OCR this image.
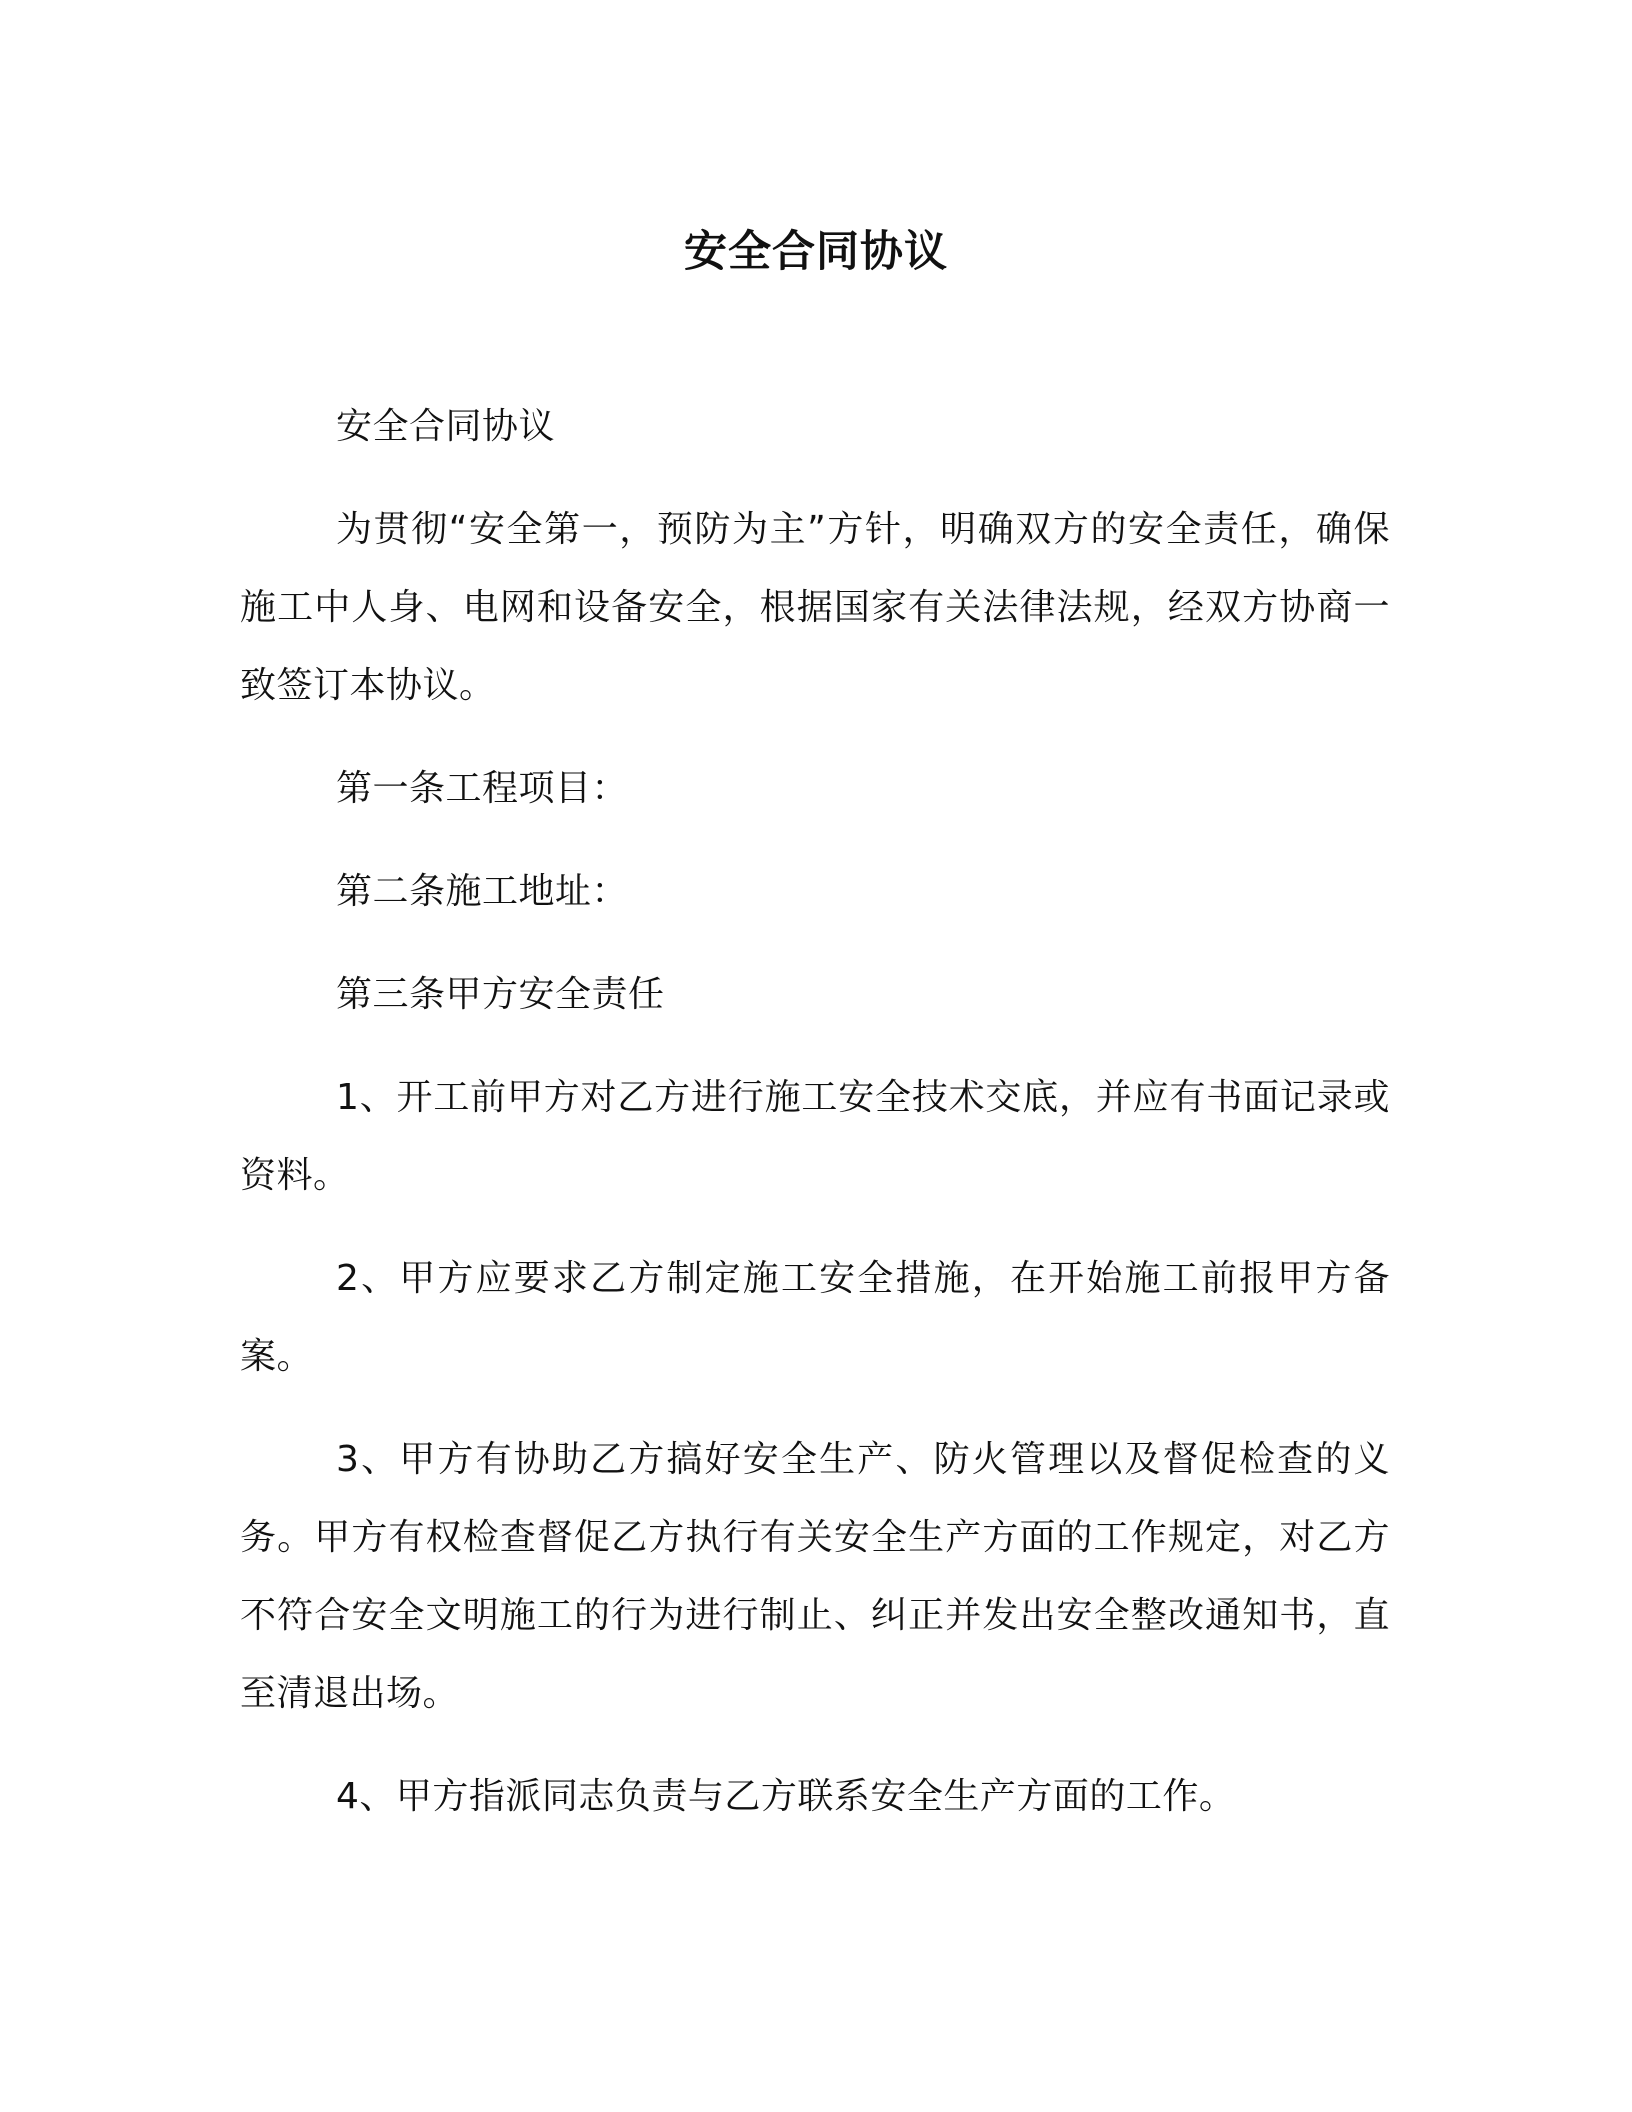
安全合同协议

安全合同协议

为贯彻“安全第一，预防为主”方针，明确双方的安全责任，确保施工中人身、电网和设备安全，根据国家有关法律法规，经双方协商一致签订本协议。

第一条工程项目：

第二条施工地址：

第三条甲方安全责任

1、开工前甲方对乙方进行施工安全技术交底，并应有书面记录或资料。

2、甲方应要求乙方制定施工安全措施，在开始施工前报甲方备案。

3、甲方有协助乙方搞好安全生产、防火管理以及督促检查的义务。甲方有权检查督促乙方执行有关安全生产方面的工作规定，对乙方不符合安全文明施工的行为进行制止、纠正并发出安全整改通知书，直至清退出场。

4、甲方指派同志负责与乙方联系安全生产方面的工作。
